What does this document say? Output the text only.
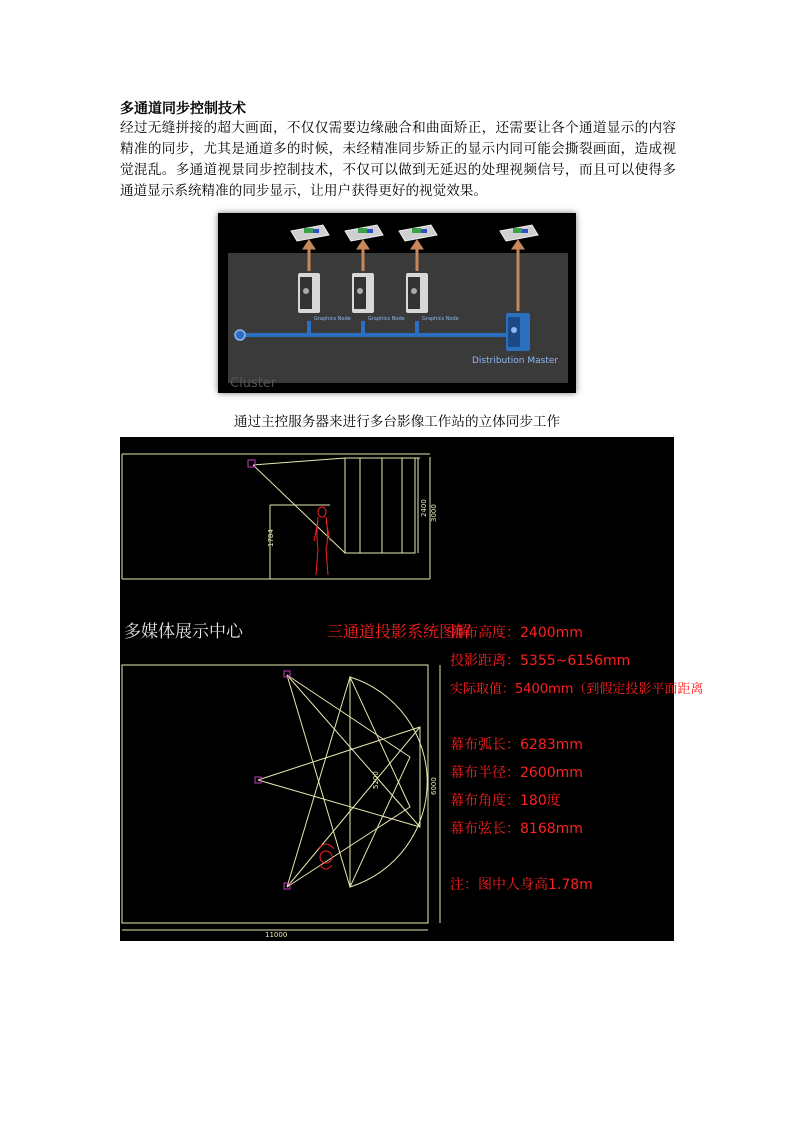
多通道同步控制技术
经过无缝拼接的超大画面，不仅仅需要边缘融合和曲面矫正，还需要让各个通道显示的内容精准的同步，尤其是通道多的时候，未经精准同步矫正的显示内同可能会撕裂画面，造成视觉混乱。多通道视景同步控制技术，不仅可以做到无延迟的处理视频信号，而且可以使得多通道显示系统精准的同步显示，让用户获得更好的视觉效果。
Graphics Node	Graphics Node	Graphics Node
Distribution Master
Cluster
通过主控服务器来进行多台影像工作站的立体同步工作
1784
2400 3000
多媒体展示中心	三通道投影系统图解
幕布高度：2400mm
投影距离：5355~6156mm
实际取值：5400mm（到假定投影平面距离
幕布弧长：6283mm
幕布半径：2600mm
幕布角度：180度
幕布弦长：8168mm
注：图中人身高1.78m
5200	6000
11000
